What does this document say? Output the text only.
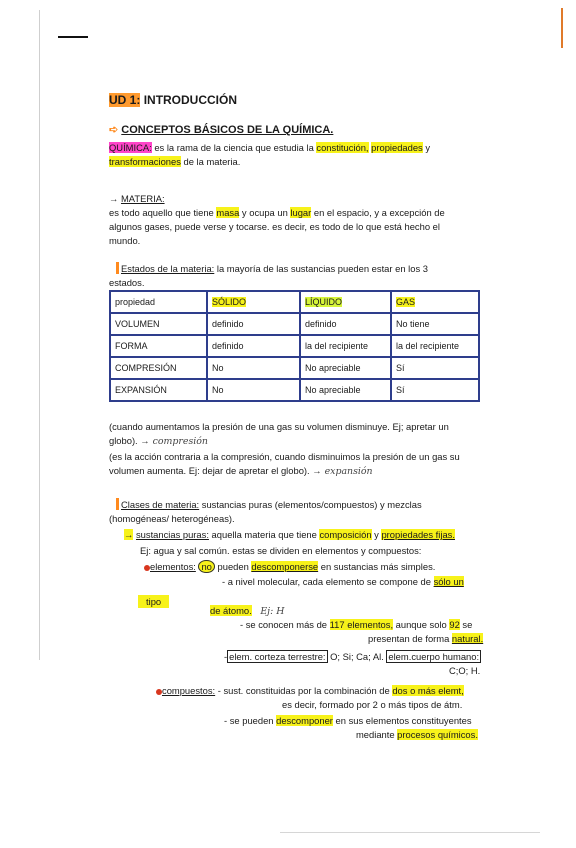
UD 1: INTRODUCCIÓN
➪ CONCEPTOS BÁSICOS DE LA QUÍMICA.
QUÍMICA: es la rama de la ciencia que estudia la constitución, propiedades y
transformaciones de la materia.
→ MATERIA:
es todo aquello que tiene masa y ocupa un lugar en el espacio, y a excepción de
algunos gases, puede verse y tocarse. es decir, es todo de lo que está hecho el
mundo.
Estados de la materia: la mayoría de las sustancias pueden estar en los 3
estados.
propiedad	SÓLIDO	LÍQUIDO	GAS
VOLUMEN	definido	definido	No tiene
FORMA	definido	la del recipiente	la del recipiente
COMPRESIÓN	No	No apreciable	Sí
EXPANSIÓN	No	No apreciable	Sí
(cuando aumentamos la presión de una gas su volumen disminuye. Ej; apretar un
globo). → compresión
(es la acción contraria a la compresión, cuando disminuimos la presión de un gas su
volumen aumenta. Ej: dejar de apretar el globo). → expansión
Clases de materia: sustancias puras (elementos/compuestos) y mezclas
(homogéneas/ heterogéneas).
→ sustancias puras: aquella materia que tiene composición y propiedades fijas.
Ej: agua y sal común. estas se dividen en elementos y compuestos:
elementos: no pueden descomponerse en sustancias más simples.
- a nivel molecular, cada elemento se compone de sólo un
tipo
de átomo. Ej: H
- se conocen más de 117 elementos, aunque solo 92 se
presentan de forma natural.
- elem. corteza terrestre: O; Si; Ca; Al. elem.cuerpo humano:
C;O; H.
compuestos: - sust. constituidas por la combinación de dos o más elemt,
es decir, formado por 2 o más tipos de átm.
- se pueden descomponer en sus elementos constituyentes
mediante procesos químicos.
